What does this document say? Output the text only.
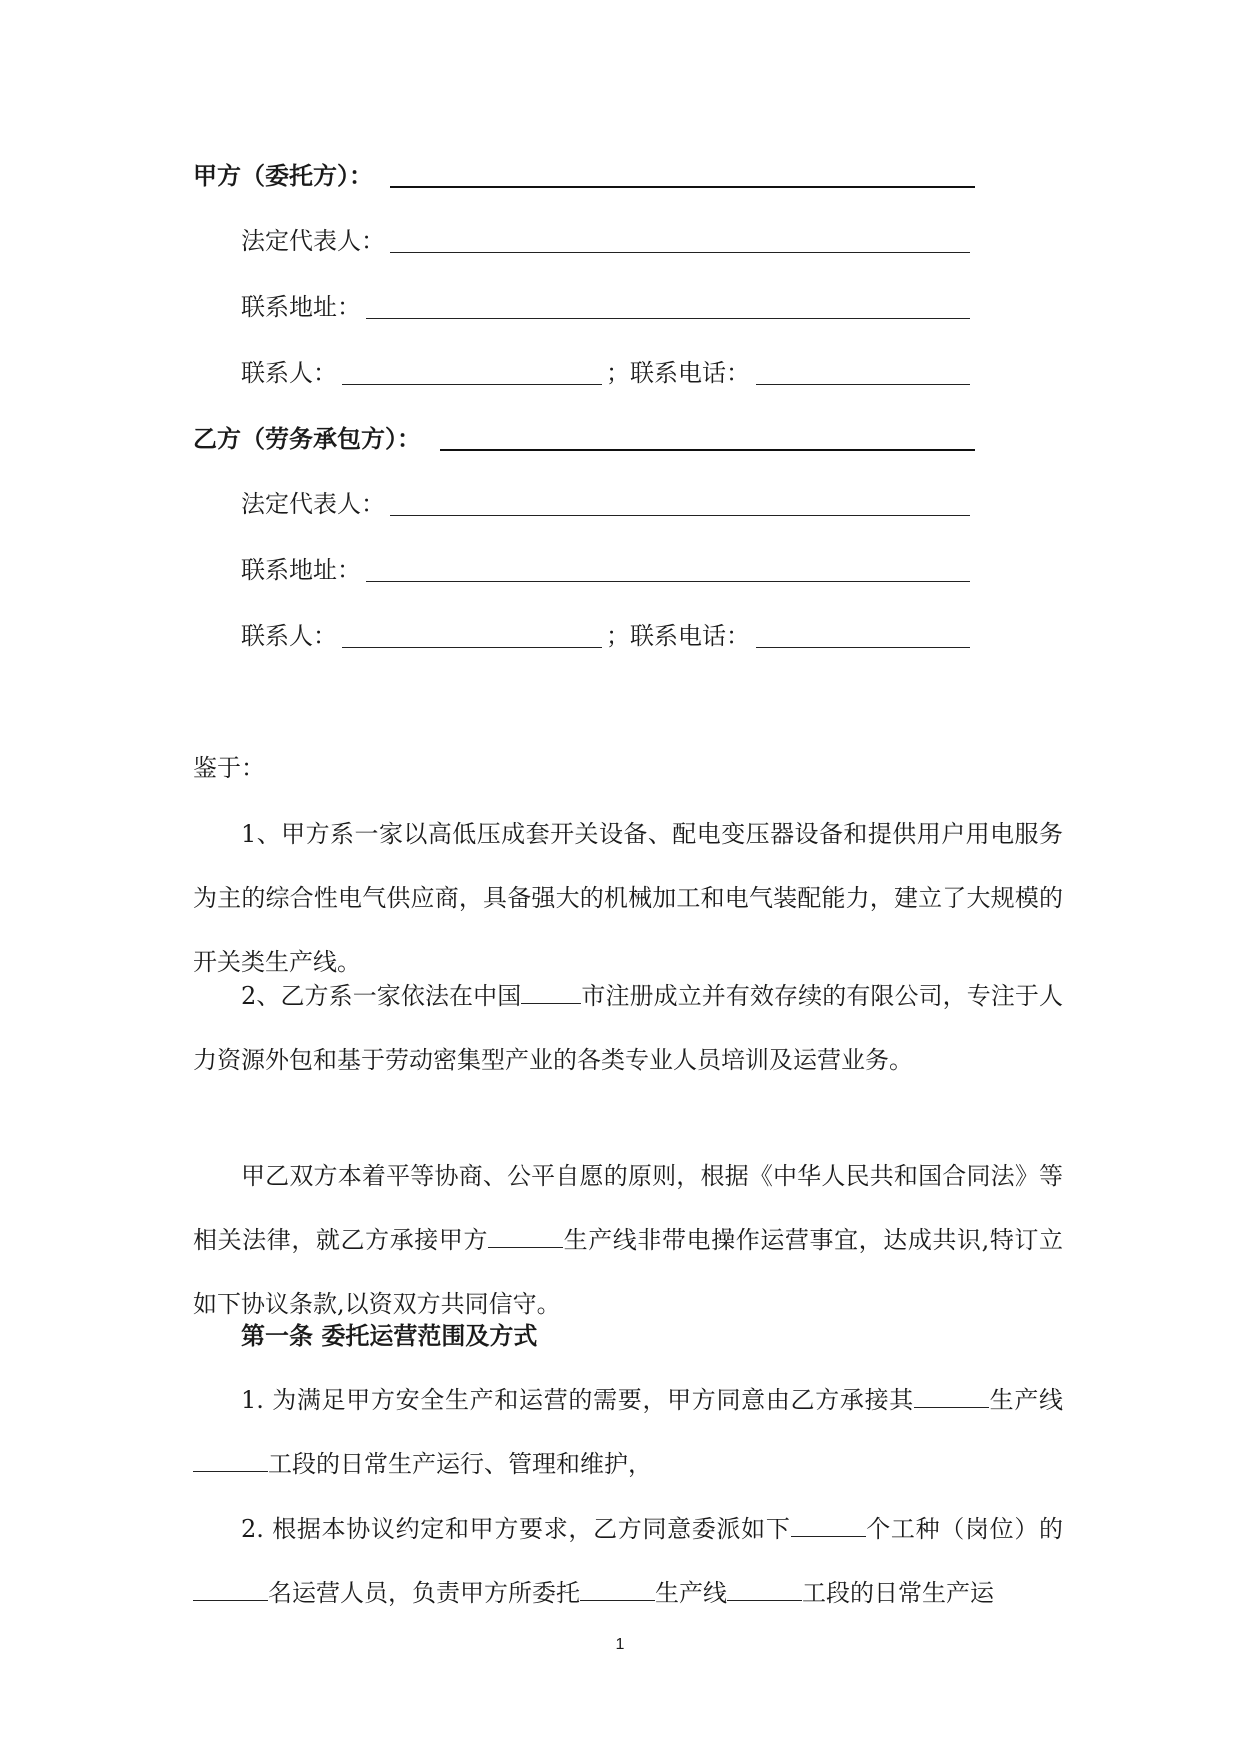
甲方（委托方）：
法定代表人：
联系地址：
联系人：	；联系电话：
乙方（劳务承包方）：
法定代表人：
联系地址：
联系人：	；联系电话：
鉴于：
1、甲方系一家以高低压成套开关设备、配电变压器设备和提供用户用电服务为主的综合性电气供应商，具备强大的机械加工和电气装配能力，建立了大规模的开关类生产线。
2、乙方系一家依法在中国	市注册成立并有效存续的有限公司，专注于人力资源外包和基于劳动密集型产业的各类专业人员培训及运营业务。
甲乙双方本着平等协商、公平自愿的原则，根据《中华人民共和国合同法》等相关法律，就乙方承接甲方	生产线非带电操作运营事宜，达成共识,特订立如下协议条款,以资双方共同信守。
第一条 委托运营范围及方式
1. 为满足甲方安全生产和运营的需要，甲方同意由乙方承接其	生产线工段的日常生产运行、管理和维护，
2. 根据本协议约定和甲方要求，乙方同意委派如下	个工种（岗位）的名运营人员，负责甲方所委托	生产线	工段的日常生产运
1
